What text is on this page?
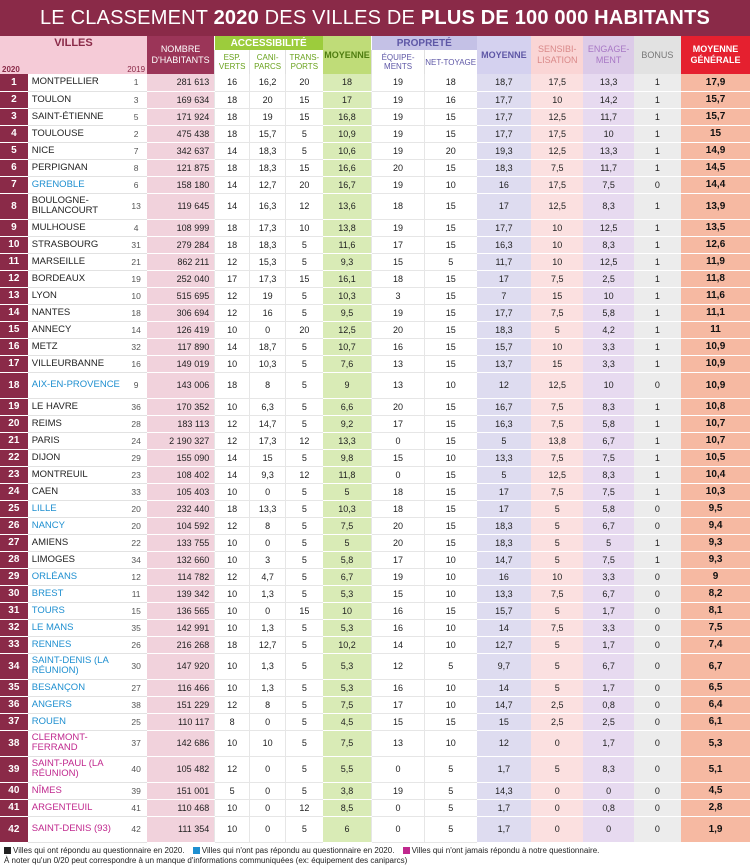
LE CLASSEMENT 2020 DES VILLES DE PLUS DE 100 000 HABITANTS
VILLES			NOMBRE D'HABITANTS	ACCESSIBILITÉ			MOYENNE	PROPRETÉ		MOYENNE	SENSIBI-LISATION	ENGAGE-MENT	BONUS	MOYENNE GÉNÉRALE
2020		2019		ESP. VERTS	CANI-PARCS	TRANS-PORTS		ÉQUIPE-MENTS	NET-TOYAGE					
1	MONTPELLIER	1	281 613	16	16,2	20	18	19	18	18,7	17,5	13,3	1	17,9
2	TOULON	3	169 634	18	20	15	17	19	16	17,7	10	14,2	1	15,7
3	SAINT-ÉTIENNE	5	171 924	18	19	15	16,8	19	15	17,7	12,5	11,7	1	15,7
4	TOULOUSE	2	475 438	18	15,7	5	10,9	19	15	17,7	17,5	10	1	15
5	NICE	7	342 637	14	18,3	5	10,6	19	20	19,3	12,5	13,3	1	14,9
6	PERPIGNAN	8	121 875	18	18,3	15	16,6	20	15	18,3	7,5	11,7	1	14,5
7	GRENOBLE	6	158 180	14	12,7	20	16,7	19	10	16	17,5	7,5	0	14,4
8	BOULOGNE-BILLANCOURT	13	119 645	14	16,3	12	13,6	18	15	17	12,5	8,3	1	13,9
9	MULHOUSE	4	108 999	18	17,3	10	13,8	19	15	17,7	10	12,5	1	13,5
10	STRASBOURG	31	279 284	18	18,3	5	11,6	17	15	16,3	10	8,3	1	12,6
11	MARSEILLE	21	862 211	12	15,3	5	9,3	15	5	11,7	10	12,5	1	11,9
12	BORDEAUX	19	252 040	17	17,3	15	16,1	18	15	17	7,5	2,5	1	11,8
13	LYON	10	515 695	12	19	5	10,3	3	15	7	15	10	1	11,6
14	NANTES	18	306 694	12	16	5	9,5	19	15	17,7	7,5	5,8	1	11,1
15	ANNECY	14	126 419	10	0	20	12,5	20	15	18,3	5	4,2	1	11
16	METZ	32	117 890	14	18,7	5	10,7	16	15	15,7	10	3,3	1	10,9
17	VILLEURBANNE	16	149 019	10	10,3	5	7,6	13	15	13,7	15	3,3	1	10,9
18	AIX-EN-PROVENCE	9	143 006	18	8	5	9	13	10	12	12,5	10	0	10,9
19	LE HAVRE	36	170 352	10	6,3	5	6,6	20	15	16,7	7,5	8,3	1	10,8
20	REIMS	28	183 113	12	14,7	5	9,2	17	15	16,3	7,5	5,8	1	10,7
21	PARIS	24	2 190 327	12	17,3	12	13,3	0	15	5	13,8	6,7	1	10,7
22	DIJON	29	155 090	14	15	5	9,8	15	10	13,3	7,5	7,5	1	10,5
23	MONTREUIL	23	108 402	14	9,3	12	11,8	0	15	5	12,5	8,3	1	10,4
24	CAEN	33	105 403	10	0	5	5	18	15	17	7,5	7,5	1	10,3
25	LILLE	20	232 440	18	13,3	5	10,3	18	15	17	5	5,8	0	9,5
26	NANCY	20	104 592	12	8	5	7,5	20	15	18,3	5	6,7	0	9,4
27	AMIENS	22	133 755	10	0	5	5	20	15	18,3	5	5	1	9,3
28	LIMOGES	34	132 660	10	3	5	5,8	17	10	14,7	5	7,5	1	9,3
29	ORLÉANS	12	114 782	12	4,7	5	6,7	19	10	16	10	3,3	0	9
30	BREST	11	139 342	10	1,3	5	5,3	15	10	13,3	7,5	6,7	0	8,2
31	TOURS	15	136 565	10	0	15	10	16	15	15,7	5	1,7	0	8,1
32	LE MANS	35	142 991	10	1,3	5	5,3	16	10	14	7,5	3,3	0	7,5
33	RENNES	26	216 268	18	12,7	5	10,2	14	10	12,7	5	1,7	0	7,4
34	SAINT-DENIS (LA RÉUNION)	30	147 920	10	1,3	5	5,3	12	5	9,7	5	6,7	0	6,7
35	BESANÇON	27	116 466	10	1,3	5	5,3	16	10	14	5	1,7	0	6,5
36	ANGERS	38	151 229	12	8	5	7,5	17	10	14,7	2,5	0,8	0	6,4
37	ROUEN	25	110 117	8	0	5	4,5	15	15	15	2,5	2,5	0	6,1
38	CLERMONT-FERRAND	37	142 686	10	10	5	7,5	13	10	12	0	1,7	0	5,3
39	SAINT-PAUL (LA RÉUNION)	40	105 482	12	0	5	5,5	0	5	1,7	5	8,3	0	5,1
40	NÎMES	39	151 001	5	0	5	3,8	19	5	14,3	0	0	0	4,5
41	ARGENTEUIL	41	110 468	10	0	12	8,5	0	5	1,7	0	0,8	0	2,8
42	SAINT-DENIS (93)	42	111 354	10	0	5	6	0	5	1,7	0	0	0	1,9
Villes qui ont répondu au questionnaire en 2020. Villes qui n'ont pas répondu au questionnaire en 2020. Villes qui n'ont jamais répondu à notre questionnaire.
À noter qu'un 0/20 peut correspondre à un manque d'informations communiquées (ex: équipement des caniparcs)
